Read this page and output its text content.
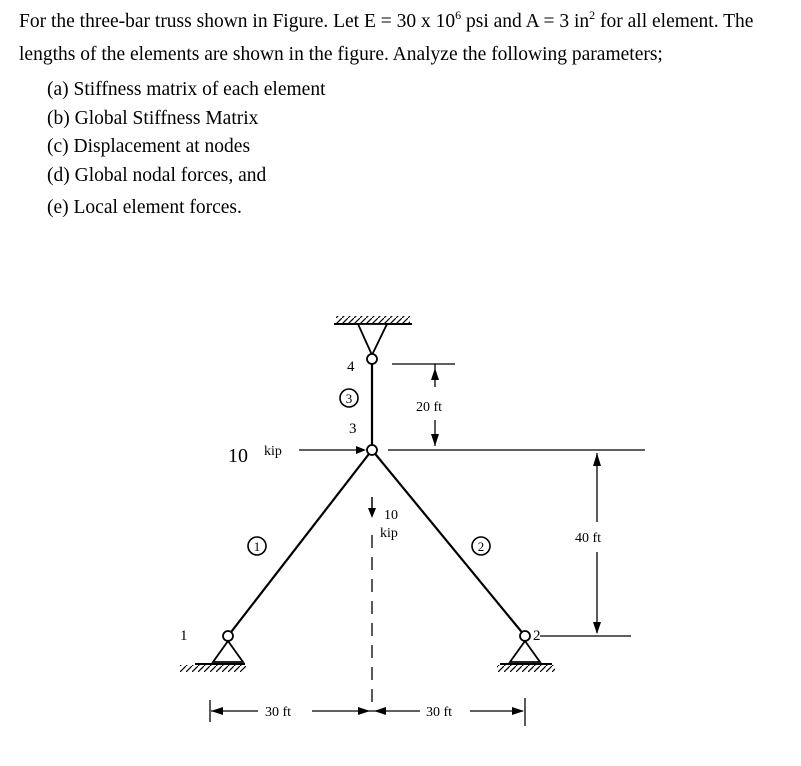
For the three-bar truss shown in Figure. Let E = 30 x $10^6$ psi and A = 3 $in^2$ for all element. The lengths of the elements are shown in the figure. Analyze the following parameters;
(a) Stiffness matrix of each element
(b) Global Stiffness Matrix
(c) Displacement at nodes
(d) Global nodal forces, and
(e) Local element forces.
4
3
1	2
3
1	2
10 kip
10
kip
20 ft
40 ft
30 ft	30 ft
